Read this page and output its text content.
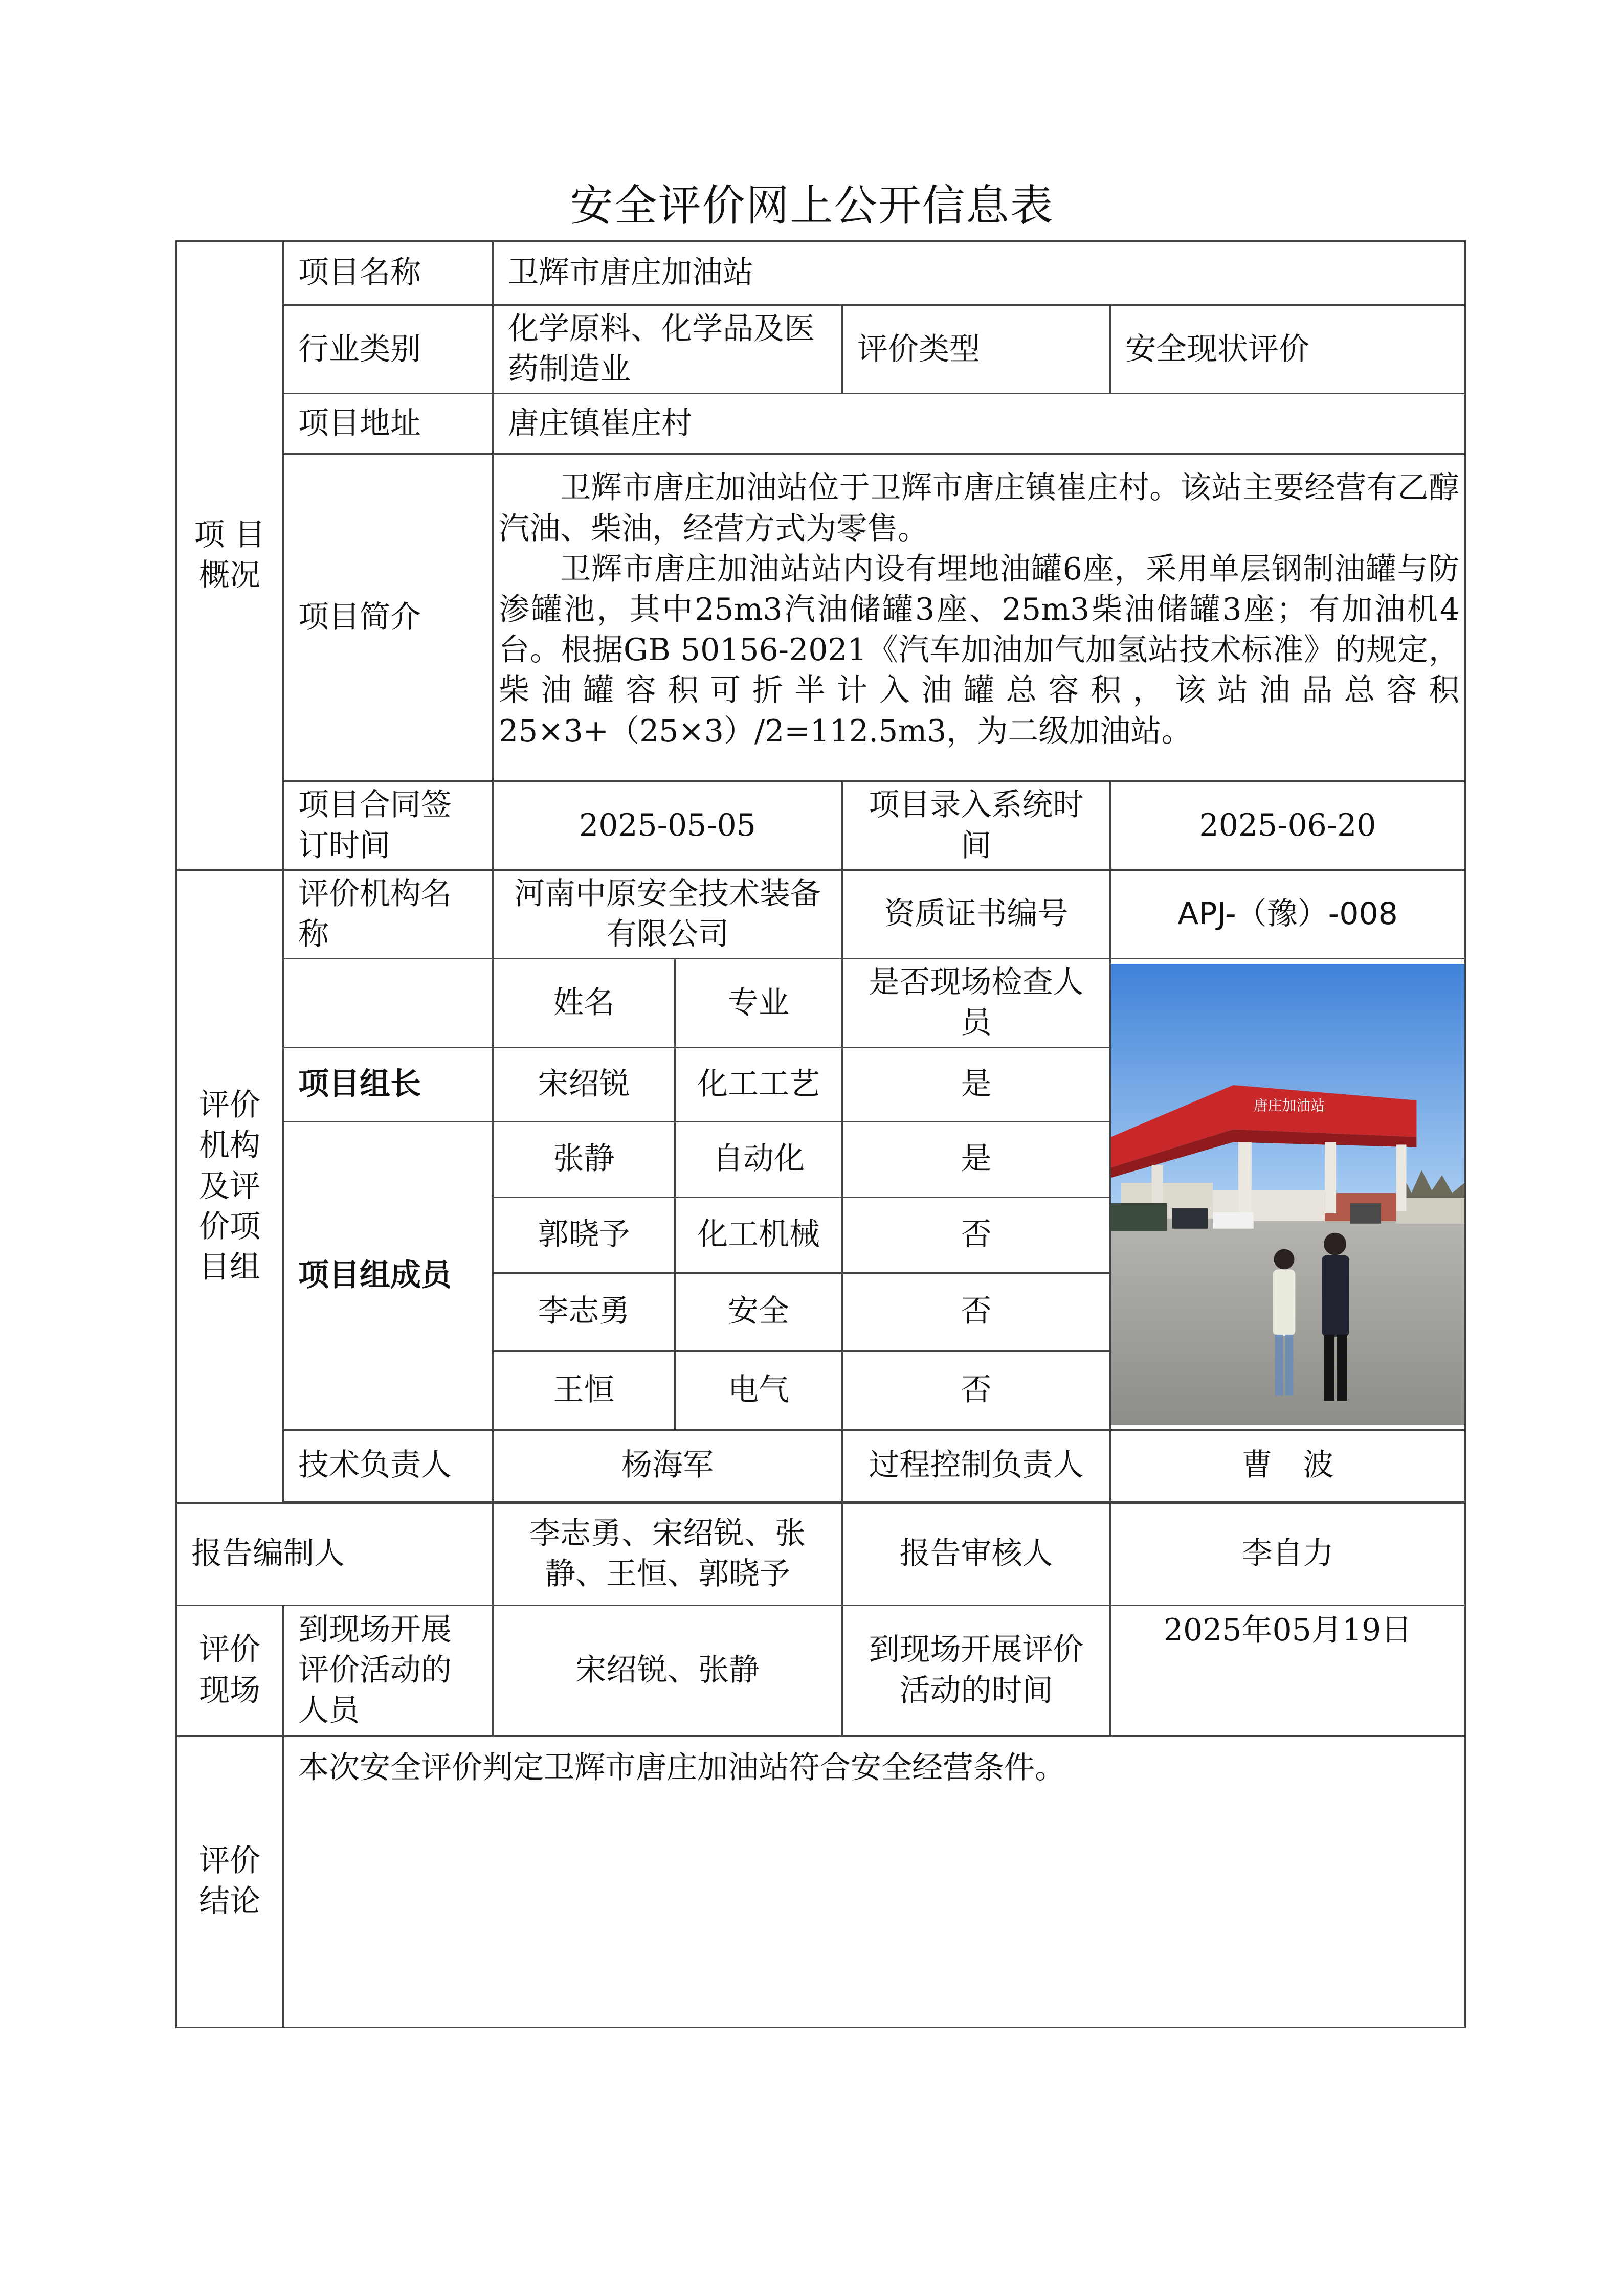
安全评价网上公开信息表
项 目 概况	项目名称	卫辉市唐庄加油站			
	行业类别	化学原料、化学品及医药制造业		评价类型	安全现状评价
	项目地址	唐庄镇崔庄村			
	项目简介	卫辉市唐庄加油站位于卫辉市唐庄镇崔庄村。该站主要经营有乙醇汽油、柴油，经营方式为零售。

卫辉市唐庄加油站站内设有埋地油罐6座，采用单层钢制油罐与防渗罐池，其中25m3汽油储罐3座、25m3柴油储罐3座；有加油机4台。根据GB 50156-2021《汽车加油加气加氢站技术标准》的规定，柴油罐容积可折半计入油罐总容积，该站油品总容积25×3+（25×3）/2=112.5m3，为二级加油站。			

	项目合同签订时间	2025-05-05		项目录入系统时间	2025-06-20
评价机构及评价项目组	评价机构名称	河南中原安全技术装备有限公司		资质证书编号	APJ-（豫）-008
		姓名	专业	是否现场检查人员	唐庄加油站

	项目组长	宋绍锐	化工工艺	是	
	项目组成员	张静	自动化	是	
		郭晓予	化工机械	否	
		李志勇	安全	否	
		王恒	电气	否	
	技术负责人	杨海军		过程控制负责人	曹　波

报告编制人		李志勇、宋绍锐、张静、王恒、郭晓予		报告审核人	李自力
评价现场	到现场开展评价活动的人员	宋绍锐、张静		到现场开展评价活动的时间	2025年05月19日
评价结论	本次安全评价判定卫辉市唐庄加油站符合安全经营条件。				
